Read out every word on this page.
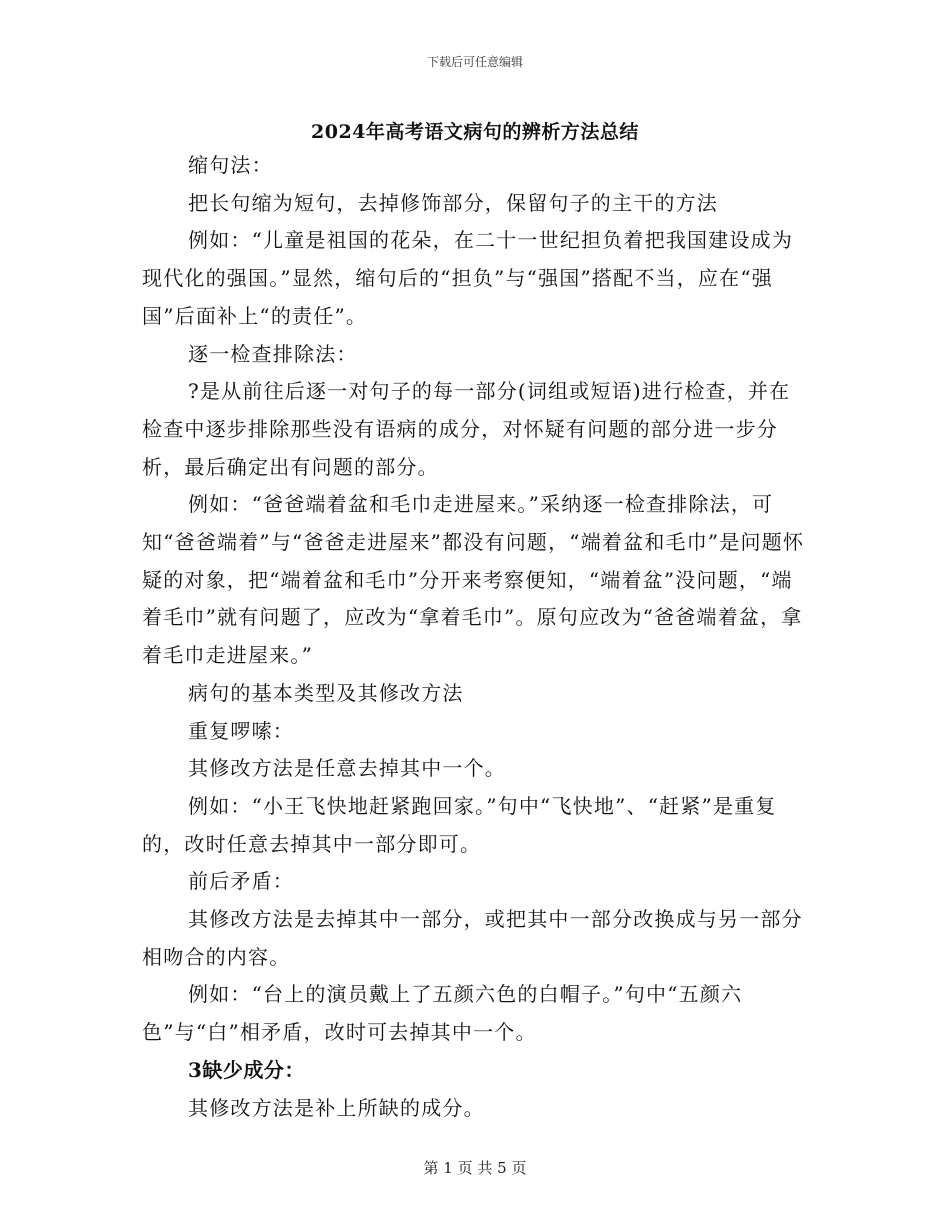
下载后可任意编辑
2024年高考语文病句的辨析方法总结

缩句法：

把长句缩为短句，去掉修饰部分，保留句子的主干的方法

例如：“儿童是祖国的花朵，在二十一世纪担负着把我国建设成为现代化的强国。”显然，缩句后的“担负”与“强国”搭配不当，应在“强国”后面补上“的责任”。

逐一检查排除法：

?是从前往后逐一对句子的每一部分(词组或短语)进行检查，并在检查中逐步排除那些没有语病的成分，对怀疑有问题的部分进一步分析，最后确定出有问题的部分。

例如：“爸爸端着盆和毛巾走进屋来。”采纳逐一检查排除法，可知“爸爸端着”与“爸爸走进屋来”都没有问题，“端着盆和毛巾”是问题怀疑的对象，把“端着盆和毛巾”分开来考察便知，“端着盆”没问题，“端着毛巾”就有问题了，应改为“拿着毛巾”。原句应改为“爸爸端着盆，拿着毛巾走进屋来。”

病句的基本类型及其修改方法

重复啰嗦：

其修改方法是任意去掉其中一个。

例如：“小王飞快地赶紧跑回家。”句中“飞快地”、“赶紧”是重复的，改时任意去掉其中一部分即可。

前后矛盾：

其修改方法是去掉其中一部分，或把其中一部分改换成与另一部分相吻合的内容。

例如：“台上的演员戴上了五颜六色的白帽子。”句中“五颜六色”与“白”相矛盾，改时可去掉其中一个。

3缺少成分：

其修改方法是补上所缺的成分。

第 1 页 共 5 页
